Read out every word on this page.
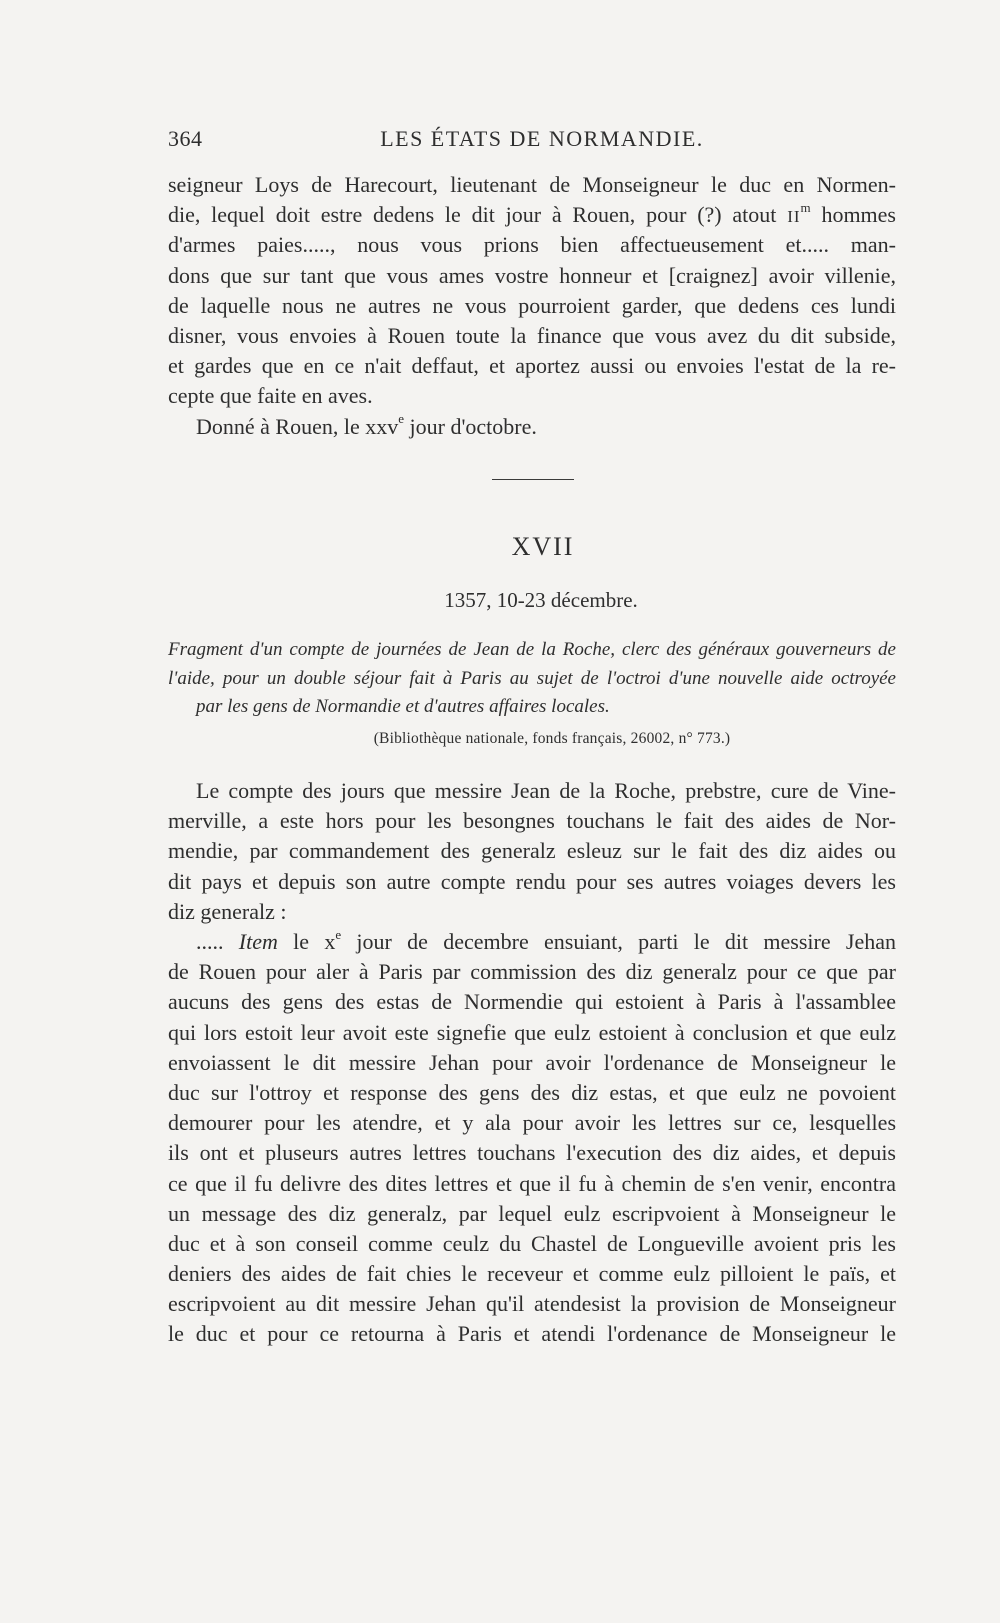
364	LES ÉTATS DE NORMANDIE.
seigneur Loys de Harecourt, lieutenant de Monseigneur le duc en Normen-
die, lequel doit estre dedens le dit jour à Rouen, pour (?) atout $II^m$ hommes
d'armes paies....., nous vous prions bien affectueusement et..... man-
dons que sur tant que vous ames vostre honneur et [craignez] avoir villenie,
de laquelle nous ne autres ne vous pourroient garder, que dedens ces lundi
disner, vous envoies à Rouen toute la finance que vous avez du dit subside,
et gardes que en ce n'ait deffaut, et aportez aussi ou envoies l'estat de la re-
cepte que faite en aves.
Donné à Rouen, le xxv$^e$ jour d'octobre.
XVII
1357, 10-23 décembre.
Fragment d'un compte de journées de Jean de la Roche, clerc des généraux gouverneurs de
l'aide, pour un double séjour fait à Paris au sujet de l'octroi d'une nouvelle aide octroyée
par les gens de Normandie et d'autres affaires locales.
(Bibliothèque nationale, fonds français, 26002, n° 773.)
Le compte des jours que messire Jean de la Roche, prebstre, cure de Vine-
merville, a este hors pour les besongnes touchans le fait des aides de Nor-
mendie, par commandement des generalz esleuz sur le fait des diz aides ou
dit pays et depuis son autre compte rendu pour ses autres voiages devers les
diz generalz :
..... Item le $x^e$ jour de decembre ensuiant, parti le dit messire Jehan
de Rouen pour aler à Paris par commission des diz generalz pour ce que par
aucuns des gens des estas de Normendie qui estoient à Paris à l'assamblee
qui lors estoit leur avoit este signefie que eulz estoient à conclusion et que eulz
envoiassent le dit messire Jehan pour avoir l'ordenance de Monseigneur le
duc sur l'ottroy et response des gens des diz estas, et que eulz ne povoient
demourer pour les atendre, et y ala pour avoir les lettres sur ce, lesquelles
ils ont et pluseurs autres lettres touchans l'execution des diz aides, et depuis
ce que il fu delivre des dites lettres et que il fu à chemin de s'en venir, encontra
un message des diz generalz, par lequel eulz escripvoient à Monseigneur le
duc et à son conseil comme ceulz du Chastel de Longueville avoient pris les
deniers des aides de fait chies le receveur et comme eulz pilloient le païs, et
escripvoient au dit messire Jehan qu'il atendesist la provision de Monseigneur
le duc et pour ce retourna à Paris et atendi l'ordenance de Monseigneur le
